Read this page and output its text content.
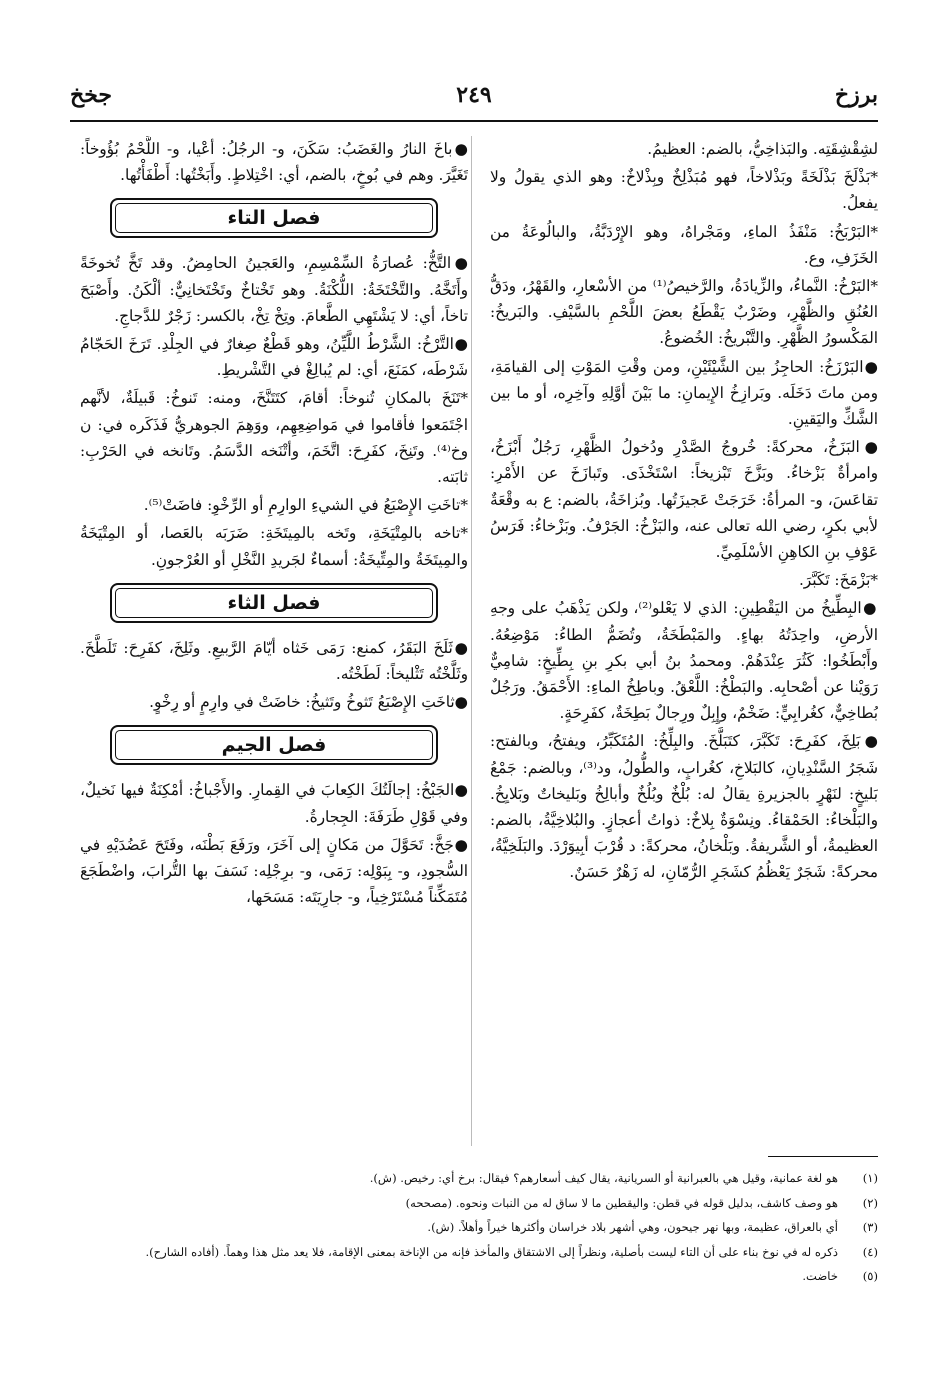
برزخ
٢٤٩
جخخ

لشِقْشِقَتِه. والبَذاخِيُّ، بالضم: العظيمُ.

*بَذْلَخَ بَذْلَخَةً وبَذْلاخاً، فهو مُبَذْلِخٌ وبِذْلاخٌ: وهو الذي يقولُ ولا يفعلُ.

*البَرْبَخُ: مَنْفَذُ الماءِ، ومَجْراهُ، وهو الإِرْدَبَّةُ، والبالُوعَةُ من الخَزَفِ، وع.

*البَرْخُ: النَّماءُ، والزِّيادَةُ، والرَّخيصُ⁽¹⁾ من الأسْعارِ، والقَهْرُ، ودَقُّ العُنُقِ والظَّهْرِ، وضَرْبٌ يَقْطَعُ بعضَ اللَّحْمِ بالسَّيْفِ. والبَريخُ: المَكْسورُ الظَّهْرِ. والتَّبْريخُ: الخُضوعُ.

●البَرْزَخُ: الحاجِزُ بين الشَّيْئَيْنِ، ومن وقْتِ المَوْتِ إلى القيامَةِ، ومن ماتَ دَخَلَه. وبَرازِخُ الإِيمانِ: ما بَيْنَ أوَّلِهِ وآخِرِه، أو ما بين الشَّكِّ واليَقينِ.

●البَزَخُ، محركةً: خُروجُ الصَّدْرِ ودُخولُ الظَّهْرِ، رَجُلٌ أَبْزَخُ، وامرأةٌ بَزْخاءُ. وبَزَّخَ تَبْزيخاً: اسْتَخْذَى. وتَبازَخَ عن الأَمْرِ: تقاعَسَ، و- المرأةُ: خَرَجَتْ عَجيزَتُها. وبُزاخَةُ، بالضم: ع به وقْعَةٌ لأبي بكرٍ، رضي الله تعالى عنه، والبَزْخُ: الجَرْفُ. وبَزْخاءُ: فَرَسُ عَوْفِ بنِ الكاهِنِ الأسْلَمِيِّ.

*بَزْمَخَ: تَكَبَّرَ.

●البِطِّيخُ من اليَقْطِينِ: الذي لا يَعْلو⁽²⁾، ولكن يَذْهَبُ على وجهِ الأرضِ، واحِدَتُهُ بهاءٍ. والمَبْطَخَةُ، وتُضَمُّ الطاءُ: مَوْضِعُهُ. وأَبْطَخُوا: كَثُرَ عِنْدَهُمْ. ومحمدُ بنُ أبي بكرِ بنِ بِطِّيخٍ: شامِيٌّ رَوَيْنا عن أصْحابِه. والبَطْخُ: اللَّعْقُ. وباطِخُ الماءِ: الأَحْمَقُ. ورَجُلٌ بُطاخِيٌّ، كغُرابِيٍّ: ضَخْمٌ، وإِبِلٌ ورِجالٌ بَطِخَةٌ، كفَرِحَةٍ.

●بَلِخَ، كفَرِحَ: تَكَبَّرَ، كتَبَلَّخَ. والبِلِّخُ: المُتَكَبِّرُ، ويفتحُ، وبالفتح: شَجَرُ السَّنْدِيانِ، كالبَلاخِ، كغُرابٍ، والطُّولُ، ود⁽³⁾، وبالضم: جَمْعُ بَليخٍ: لنَهْرٍ بالجزيرةِ يقالُ له: بُلْخٌ وبُلُخٌ وأبالِخُ وبَليخاتٌ وبَلايِخُ. والبَلْخاءُ: الحَمْقاءُ. ونِسْوَةٌ بِلاخٌ: ذواتُ أعجازٍ. والبُلاخِيَّةُ، بالضم: العظيمةُ، أو الشَّريفةُ. وبَلْخانُ، محركةً: د قُرْبَ أبِيوَرْدَ. والبَلَخِيَّةُ، محركةً: شَجَرٌ يَعْظُمُ كشَجَرِ الرُّمّانِ، له زَهْرٌ حَسَنٌ.

●باخَ النارُ والغَضَبُ: سَكَنَ، و- الرجُلُ: أعْيا، و- اللَّحْمُ بُؤُوخاً: تَغَيَّرَ. وهم في بُوخٍ، بالضم، أي: اخْتِلاطٍ. وأَبَخْتُها: أَطْفَأْتُها.

فصل التاء

●التَّخُّ: عُصارَةُ السِّمْسِمِ، والعَجينُ الحامِضُ. وقد تَخَّ تُخوخَةً وأَتَخَّهُ. والتَّخْتَخَةُ: اللُّكْنَةُ. وهو تَخْتاخٌ وتَخْتَخانِيٌّ: ألْكَنُ. وأَصْبَحَ تاخاً، أي: لا يَشْتَهِي الطَّعامَ. وتِخْ تِخْ، بالكسر: زَجْرٌ للدَّجاجِ.

●التَّرْخُ: الشَّرْطُ اللَّيِّنُ، وهو قَطْعٌ صِغارٌ في الجِلْدِ. تَرَخَ الحَجّامُ شَرْطَه، كمَنَعَ، أي: لم يُبالِغْ في التَّشْريطِ.

*تَنَخَ بالمكانِ تُنوخاً: أقامَ، كتَتَنَّخَ، ومنه: تَنوخُ: قَبيلَةٌ، لأنَّهم اجْتَمَعوا فأقاموا في مَواضِعِهِم، ووَهِمَ الجوهريُّ فَذَكَره في: ن وخ⁽⁴⁾. وتَنِخَ، كفَرِحَ: اتَّخَمَ، وأتْنَخه الدَّسَمُ. وتَانخه في الحَرْبِ: ثابَته.

*تاخَتِ الإِصْبَعُ في الشيءِ الوارِمِ أو الرِّخْوِ: فاضَتْ⁽⁵⁾.

*تاخه بالمِتْيَخَةِ، وتَخه بالمِيتَخَةِ: ضَرَبَه بالعَصا، أو المِتْيَخَةُ والمِيتَخَةُ والمِتِّيخَةُ: أسماءٌ لجَريدِ النَّخْلِ أو العُرْجونِ.

فصل الثاء

●ثَلَخَ البَقَرُ، كمنع: رَمَى خَثاه أيّامَ الرَّبيعِ. وثَلِخَ، كفَرِحَ: تَلَطَّخَ. وثَلَّخْتُه تَثْليخاً: لَطَخْتُه.

●ثاخَتِ الإِصْبَعُ تَثوخُ وتَثيخُ: خاضَتْ في وارِمٍ أو رِخْوٍ.

فصل الجيم

●الجَبْخُ: إجالَتُكَ الكِعابَ في القِمارِ. والأَجْباخُ: أمْكِنَةٌ فيها نَخيلٌ، وفي قَوْلِ طَرَفَةَ: الجِجارةُ.

●جَخَّ: تَحَوَّلَ من مَكانٍ إلى آخَرَ، ورَفَعَ بَطْنَه، وفَتَحَ عَضُدَيْهِ في السُّجودِ، و- بِبَوْلِه: رَمَى، و- برِجْلِه: نَسَفَ بها التُّرابَ، واضْطَجَعَ مُتَمَكِّناً مُسْتَرْخِياً، و- جارِيَتَه: مَسَحَها،

(١)
هو لغة عمانية، وقيل هي بالعبرانية أو السريانية، يقال كيف أسعارهم؟ فيقال: برخ أي: رخيص. (ش).
(٢)
هو وصف كاشف، بدليل قوله في قطن: واليقطين ما لا ساق له من النبات ونحوه. (مصححه)
(٣)
أي بالعراق، عظيمة، وبها نهر جيحون، وهي أشهر بلاد خراسان وأكثرها خيراً وأهلاً. (ش).
(٤)
ذكره له في نوخ بناء على أن التاء ليست بأصلية، ونظراً إلى الاشتقاق والمأخذ فإنه من الإناخة بمعنى الإقامة، فلا يعد مثل هذا وهماً. (أفاده الشارح).
(٥)
خاضت.
